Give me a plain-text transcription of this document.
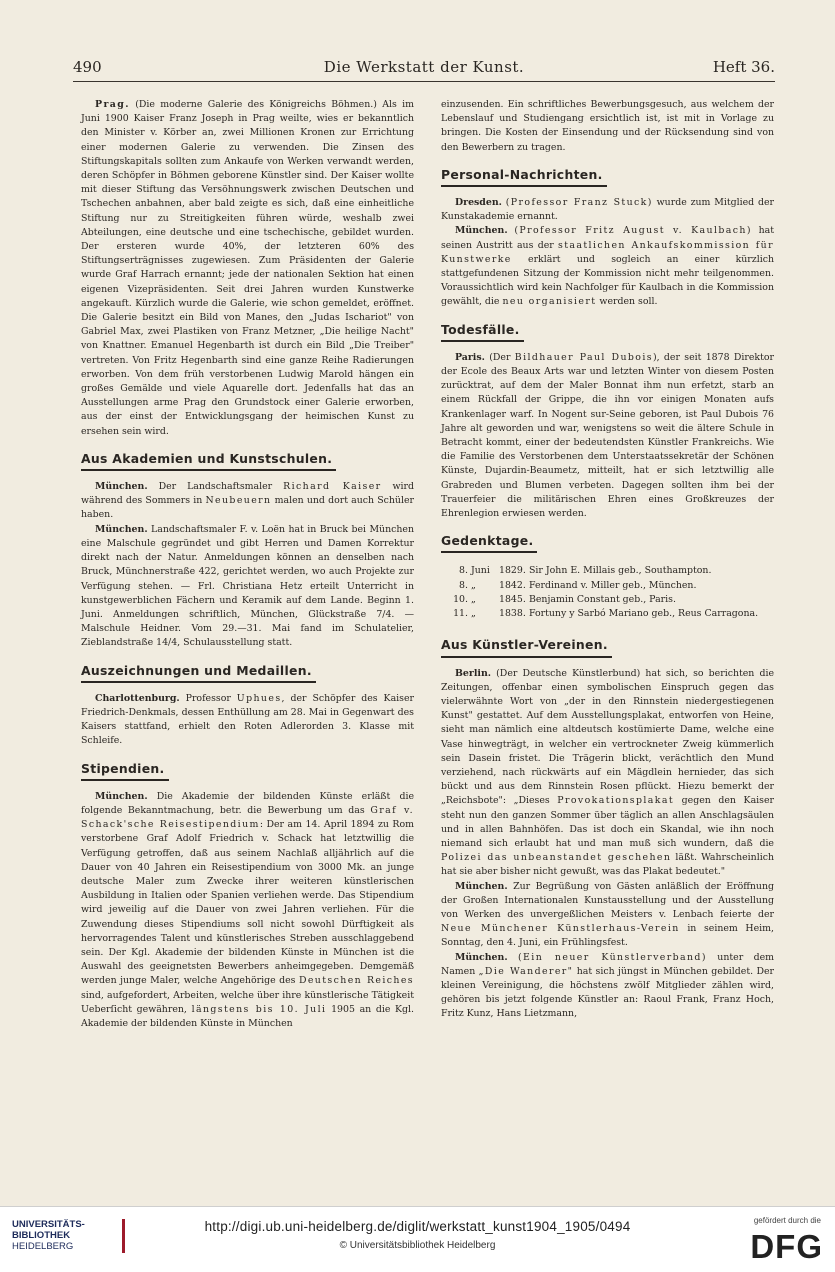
490	Die Werkstatt der Kunst.	Heft 36.

Prag. (Die moderne Galerie des Königreichs Böhmen.) Als im Juni 1900 Kaiser Franz Joseph in Prag weilte, wies er bekanntlich den Minister v. Körber an, zwei Millionen Kronen zur Errichtung einer modernen Galerie zu verwenden. Die Zinsen des Stiftungskapitals sollten zum Ankaufe von Werken verwandt werden, deren Schöpfer in Böhmen geborene Künstler sind. Der Kaiser wollte mit dieser Stiftung das Versöhnungswerk zwischen Deutschen und Tschechen anbahnen, aber bald zeigte es sich, daß eine einheitliche Stiftung nur zu Streitigkeiten führen würde, weshalb zwei Abteilungen, eine deutsche und eine tschechische, gebildet wurden. Der ersteren wurde 40%, der letzteren 60% des Stiftungserträgnisses zugewiesen. Zum Präsidenten der Galerie wurde Graf Harrach ernannt; jede der nationalen Sektion hat einen eigenen Vizepräsidenten. Seit drei Jahren wurden Kunstwerke angekauft. Kürzlich wurde die Galerie, wie schon gemeldet, eröffnet. Die Galerie besitzt ein Bild von Manes, den „Judas Ischariot" von Gabriel Max, zwei Plastiken von Franz Metzner, „Die heilige Nacht" von Knattner. Emanuel Hegenbarth ist durch ein Bild „Die Treiber" vertreten. Von Fritz Hegenbarth sind eine ganze Reihe Radierungen erworben. Von dem früh verstorbenen Ludwig Marold hängen ein großes Gemälde und viele Aquarelle dort. Jedenfalls hat das an Ausstellungen arme Prag den Grundstock einer Galerie erworben, aus der einst der Entwicklungsgang der heimischen Kunst zu ersehen sein wird.

Aus Akademien und Kunstschulen.

München. Der Landschaftsmaler Richard Kaiser wird während des Sommers in Neubeuern malen und dort auch Schüler haben.

München. Landschaftsmaler F. v. Loën hat in Bruck bei München eine Malschule gegründet und gibt Herren und Damen Korrektur direkt nach der Natur. Anmeldungen können an denselben nach Bruck, Münchnerstraße 422, gerichtet werden, wo auch Projekte zur Verfügung stehen. — Frl. Christiana Hetz erteilt Unterricht in kunstgewerblichen Fächern und Keramik auf dem Lande. Beginn 1. Juni. Anmeldungen schriftlich, München, Glückstraße 7/4. — Malschule Heidner. Vom 29.—31. Mai fand im Schulatelier, Zieblandstraße 14/4, Schulausstellung statt.

Auszeichnungen und Medaillen.

Charlottenburg. Professor Uphues, der Schöpfer des Kaiser Friedrich-Denkmals, dessen Enthüllung am 28. Mai in Gegenwart des Kaisers stattfand, erhielt den Roten Adlerorden 3. Klasse mit Schleife.

Stipendien.

München. Die Akademie der bildenden Künste erläßt die folgende Bekanntmachung, betr. die Bewerbung um das Graf v. Schack'sche Reisestipendium: Der am 14. April 1894 zu Rom verstorbene Graf Adolf Friedrich v. Schack hat letztwillig die Verfügung getroffen, daß aus seinem Nachlaß alljährlich auf die Dauer von 40 Jahren ein Reisestipendium von 3000 Mk. an junge deutsche Maler zum Zwecke ihrer weiteren künstlerischen Ausbildung in Italien oder Spanien verliehen werde. Das Stipendium wird jeweilig auf die Dauer von zwei Jahren verliehen. Für die Zuwendung dieses Stipendiums soll nicht sowohl Dürftigkeit als hervorragendes Talent und künstlerisches Streben ausschlaggebend sein. Der Kgl. Akademie der bildenden Künste in München ist die Auswahl des geeignetsten Bewerbers anheimgegeben. Demgemäß werden junge Maler, welche Angehörige des Deutschen Reiches sind, aufgefordert, Arbeiten, welche über ihre künstlerische Tätigkeit Ueberſicht gewähren, längstens bis 10. Juli 1905 an die Kgl. Akademie der bildenden Künste in München

einzusenden. Ein schriftliches Bewerbungsgesuch, aus welchem der Lebenslauf und Studiengang ersichtlich ist, ist mit in Vorlage zu bringen. Die Kosten der Einsendung und der Rücksendung sind von den Bewerbern zu tragen.

Personal-Nachrichten.

Dresden. (Professor Franz Stuck) wurde zum Mitglied der Kunstakademie ernannt.

München. (Professor Fritz August v. Kaulbach) hat seinen Austritt aus der staatlichen Ankaufskommission für Kunstwerke erklärt und sogleich an einer kürzlich stattgefundenen Sitzung der Kommission nicht mehr teilgenommen. Voraussichtlich wird kein Nachfolger für Kaulbach in die Kommission gewählt, die neu organisiert werden soll.

Todesfälle.

Paris. (Der Bildhauer Paul Dubois), der seit 1878 Direktor der Ecole des Beaux Arts war und letzten Winter von diesem Posten zurücktrat, auf dem der Maler Bonnat ihm nun erfetzt, starb an einem Rückfall der Grippe, die ihn vor einigen Monaten aufs Krankenlager warf. In Nogent sur-Seine geboren, ist Paul Dubois 76 Jahre alt geworden und war, wenigstens so weit die ältere Schule in Betracht kommt, einer der bedeutendsten Künstler Frankreichs. Wie die Familie des Verstorbenen dem Unterstaatssekretär der Schönen Künste, Dujardin-Beaumetz, mitteilt, hat er sich letztwillig alle Grabreden und Blumen verbeten. Dagegen sollten ihm bei der Trauerfeier die militärischen Ehren eines Großkreuzes der Ehrenlegion erwiesen werden.

Gedenktage.
8. Juni 1829. Sir John E. Millais geb., Southampton.
8. „	1842. Ferdinand v. Miller geb., München.
10. „	1845. Benjamin Constant geb., Paris.
11. „	1838. Fortuny y Sarbó Mariano geb., Reus Carragona.
Aus Künstler-Vereinen.

Berlin. (Der Deutsche Künstlerbund) hat sich, so berichten die Zeitungen, offenbar einen symbolischen Einspruch gegen das vielerwähnte Wort von „der in den Rinnstein niedergestiegenen Kunst" gestattet. Auf dem Ausstellungsplakat, entworfen von Heine, sieht man nämlich eine altdeutsch kostümierte Dame, welche eine Vase hinwegträgt, in welcher ein vertrockneter Zweig kümmerlich sein Dasein fristet. Die Trägerin blickt, verächtlich den Mund verziehend, nach rückwärts auf ein Mägdlein hernieder, das sich bückt und aus dem Rinnstein Rosen pflückt. Hiezu bemerkt der „Reichsbote": „Dieses Provokationsplakat gegen den Kaiser steht nun den ganzen Sommer über täglich an allen Anschlagsäulen und in allen Bahnhöfen. Das ist doch ein Skandal, wie ihn noch niemand sich erlaubt hat und man muß sich wundern, daß die Polizei das unbeanstandet geschehen läßt. Wahrscheinlich hat sie aber bisher nicht gewußt, was das Plakat bedeutet."

München. Zur Begrüßung von Gästen anläßlich der Eröffnung der Großen Internationalen Kunstausstellung und der Ausstellung von Werken des unvergeßlichen Meisters v. Lenbach feierte der Neue Münchener Künstlerhaus-Verein in seinem Heim, Sonntag, den 4. Juni, ein Frühlingsfest.

München. (Ein neuer Künstlerverband) unter dem Namen „Die Wanderer" hat sich jüngst in München gebildet. Der kleinen Vereinigung, die höchstens zwölf Mitglieder zählen wird, gehören bis jetzt folgende Künstler an: Raoul Frank, Franz Hoch, Fritz Kunz, Hans Lietzmann,

UNIVERSITÄTS-
BIBLIOTHEK
HEIDELBERG
http://digi.ub.uni-heidelberg.de/diglit/werkstatt_kunst1904_1905/0494
© Universitätsbibliothek Heidelberg
gefördert durch die
DFG
